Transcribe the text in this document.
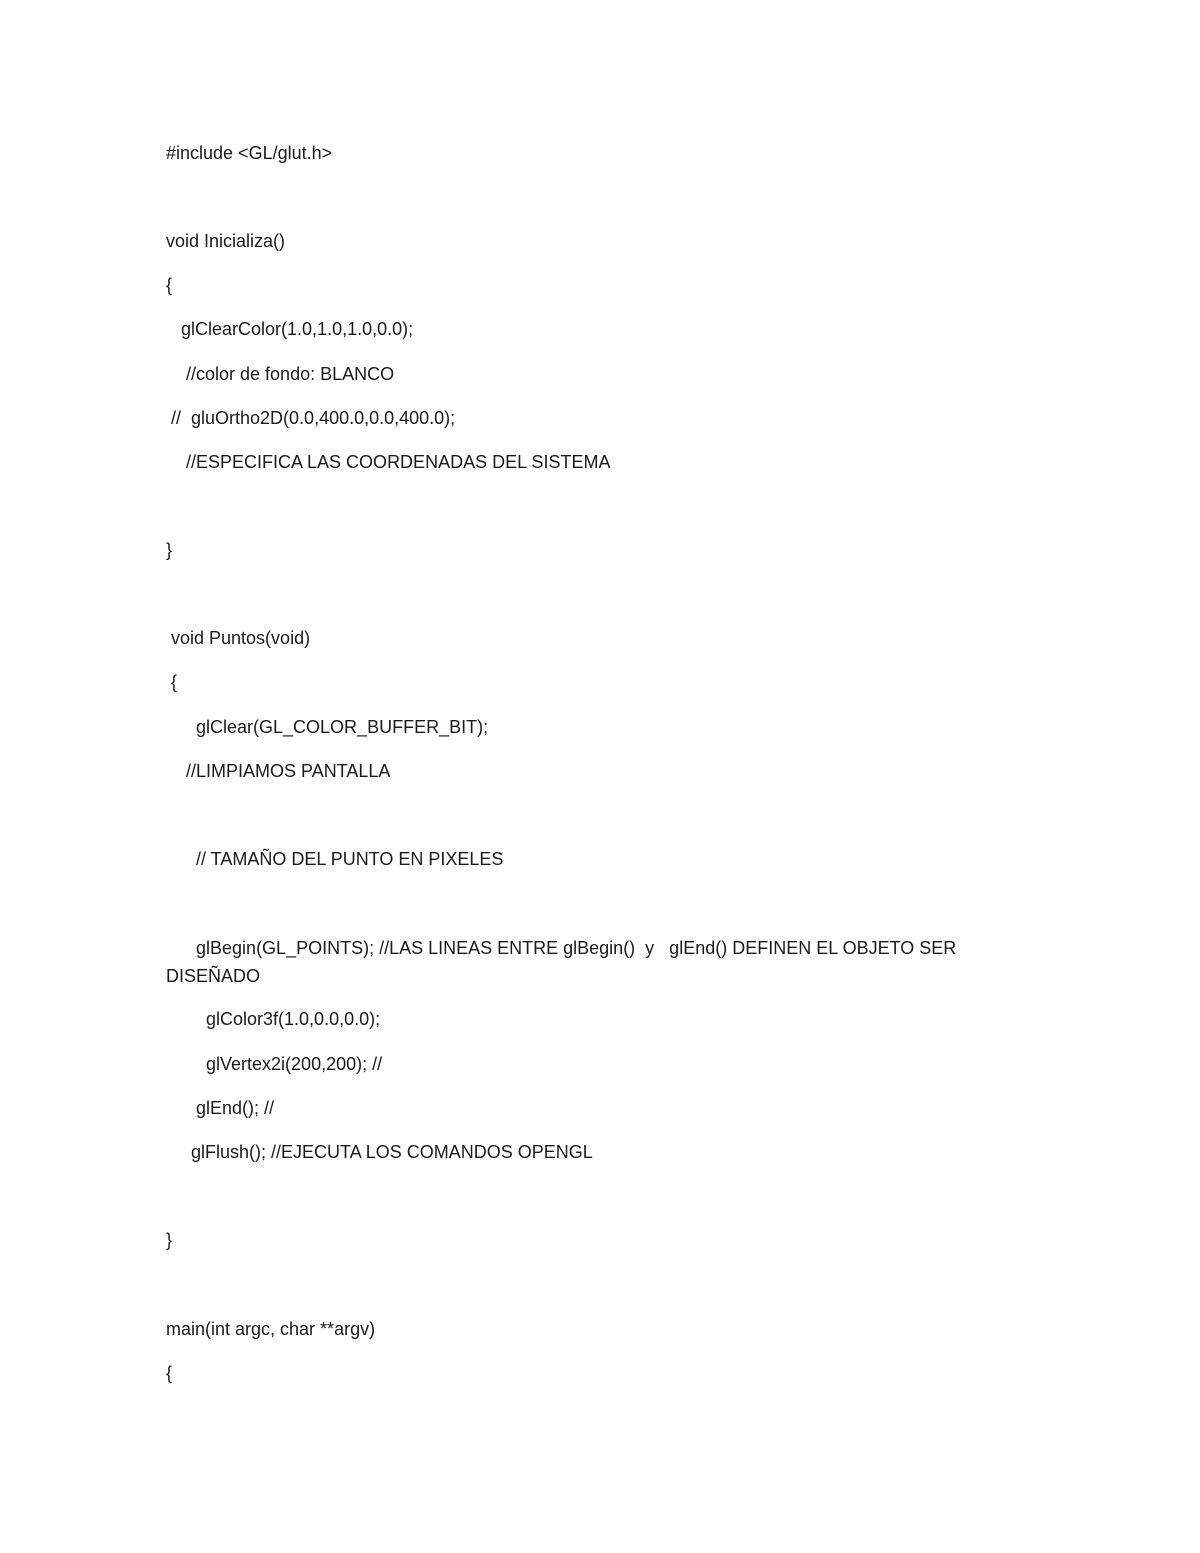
#include <GL/glut.h>

void Inicializa()

{

glClearColor(1.0,1.0,1.0,0.0);

//color de fondo: BLANCO

//  gluOrtho2D(0.0,400.0,0.0,400.0);

//ESPECIFICA LAS COORDENADAS DEL SISTEMA

}

void Puntos(void)

{

glClear(GL_COLOR_BUFFER_BIT);

//LIMPIAMOS PANTALLA

// TAMAÑO DEL PUNTO EN PIXELES

glBegin(GL_POINTS); //LAS LINEAS ENTRE glBegin()  y   glEnd() DEFINEN EL OBJETO SER DISEÑADO

glColor3f(1.0,0.0,0.0);

glVertex2i(200,200); //

glEnd(); //

glFlush(); //EJECUTA LOS COMANDOS OPENGL

}

main(int argc, char **argv)

{
